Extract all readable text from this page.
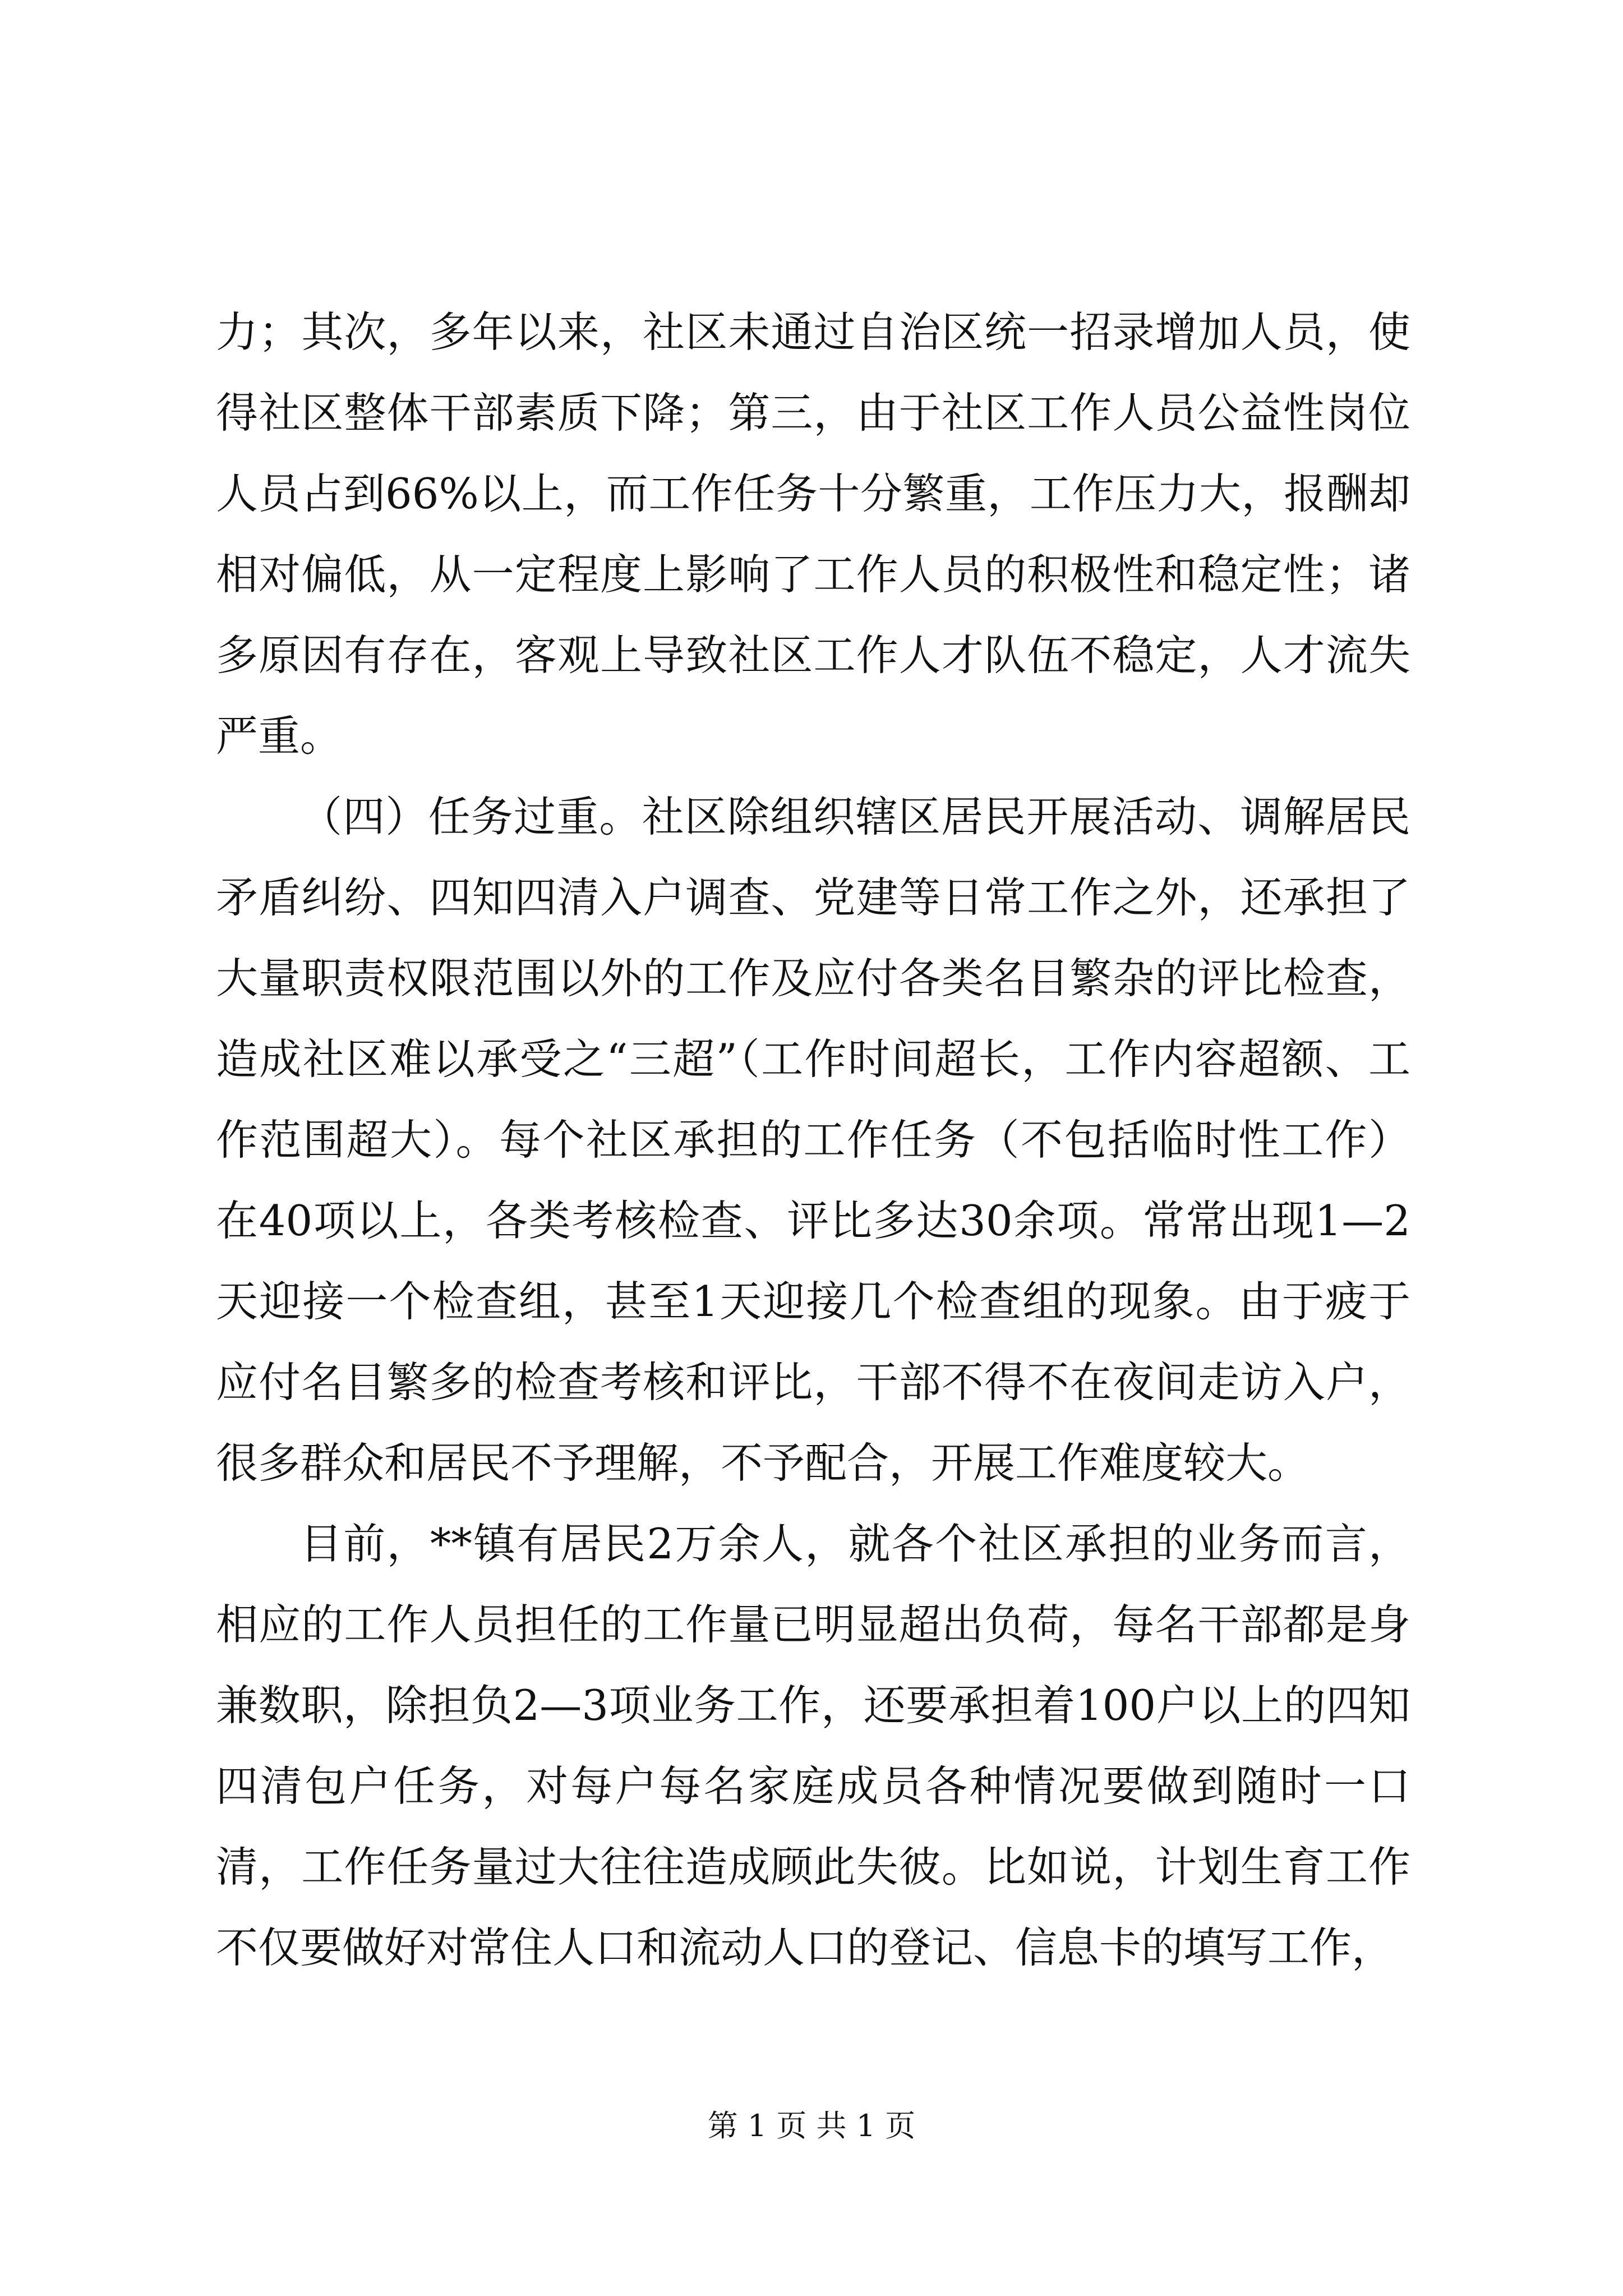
力；其次，多年以来，社区未通过自治区统一招录增加人员，使得社区整体干部素质下降；第三，由于社区工作人员公益性岗位人员占到66%以上，而工作任务十分繁重，工作压力大，报酬却相对偏低，从一定程度上影响了工作人员的积极性和稳定性；诸多原因有存在，客观上导致社区工作人才队伍不稳定，人才流失严重。

（四）任务过重。社区除组织辖区居民开展活动、调解居民矛盾纠纷、四知四清入户调查、党建等日常工作之外，还承担了大量职责权限范围以外的工作及应付各类名目繁杂的评比检查，造成社区难以承受之“三超”（工作时间超长，工作内容超额、工作范围超大）。每个社区承担的工作任务（不包括临时性工作）在40项以上，各类考核检查、评比多达30余项。常常出现1—2天迎接一个检查组，甚至1天迎接几个检查组的现象。由于疲于应付名目繁多的检查考核和评比，干部不得不在夜间走访入户，很多群众和居民不予理解，不予配合，开展工作难度较大。

目前，**镇有居民2万余人，就各个社区承担的业务而言，相应的工作人员担任的工作量已明显超出负荷，每名干部都是身兼数职，除担负2—3项业务工作，还要承担着100户以上的四知四清包户任务，对每户每名家庭成员各种情况要做到随时一口清，工作任务量过大往往造成顾此失彼。比如说，计划生育工作不仅要做好对常住人口和流动人口的登记、信息卡的填写工作，

第 1 页 共 1 页
